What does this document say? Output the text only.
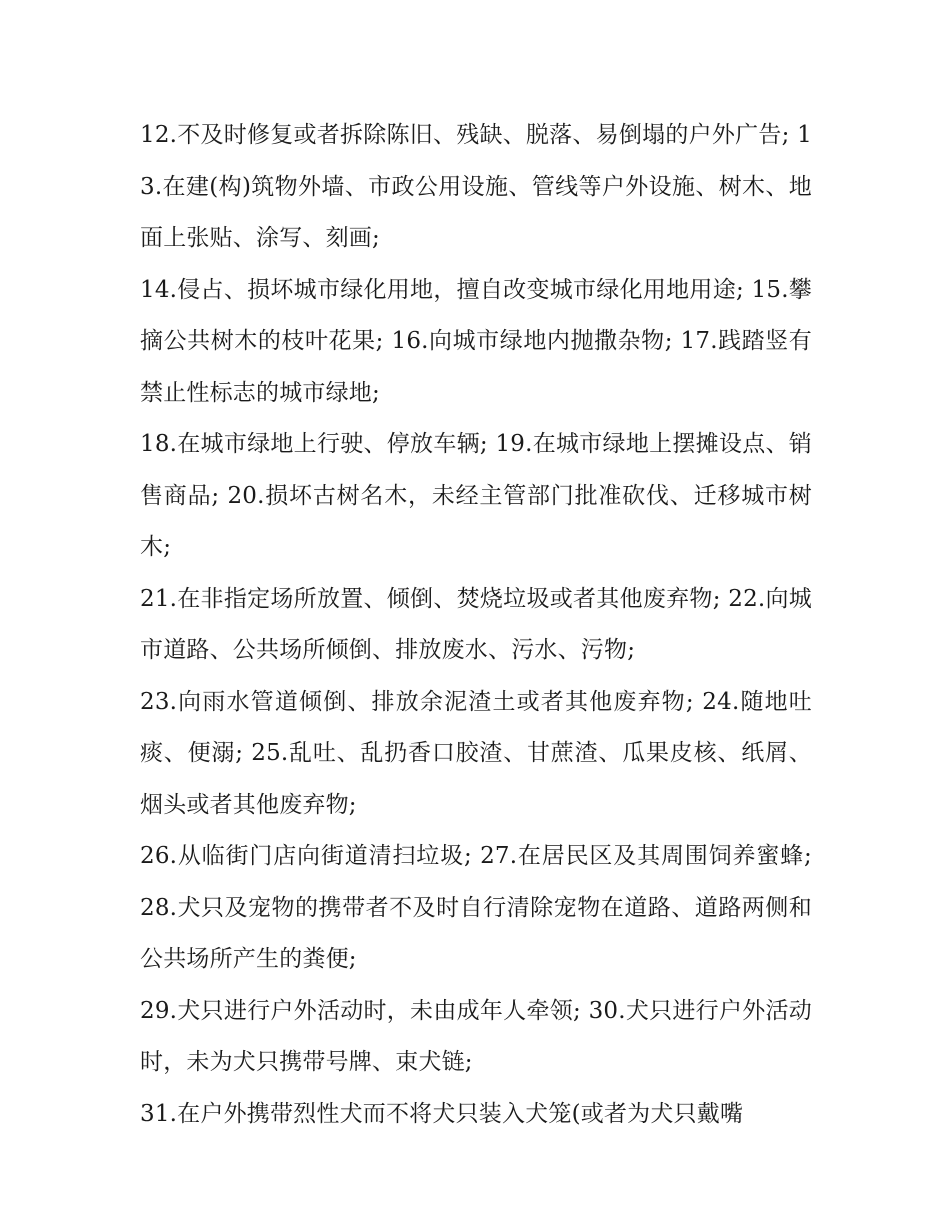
12.不及时修复或者拆除陈旧、残缺、脱落、易倒塌的户外广告; 13.在建(构)筑物外墙、市政公用设施、管线等户外设施、树木、地面上张贴、涂写、刻画;

14.侵占、损坏城市绿化用地，擅自改变城市绿化用地用途; 15.攀摘公共树木的枝叶花果; 16.向城市绿地内抛撒杂物; 17.践踏竖有禁止性标志的城市绿地;

18.在城市绿地上行驶、停放车辆; 19.在城市绿地上摆摊设点、销售商品; 20.损坏古树名木，未经主管部门批准砍伐、迁移城市树木;

21.在非指定场所放置、倾倒、焚烧垃圾或者其他废弃物; 22.向城市道路、公共场所倾倒、排放废水、污水、污物;

23.向雨水管道倾倒、排放余泥渣土或者其他废弃物; 24.随地吐痰、便溺; 25.乱吐、乱扔香口胶渣、甘蔗渣、瓜果皮核、纸屑、烟头或者其他废弃物;

26.从临街门店向街道清扫垃圾; 27.在居民区及其周围饲养蜜蜂; 28.犬只及宠物的携带者不及时自行清除宠物在道路、道路两侧和公共场所产生的粪便;

29.犬只进行户外活动时，未由成年人牵领; 30.犬只进行户外活动时，未为犬只携带号牌、束犬链;

31.在户外携带烈性犬而不将犬只装入犬笼(或者为犬只戴嘴
